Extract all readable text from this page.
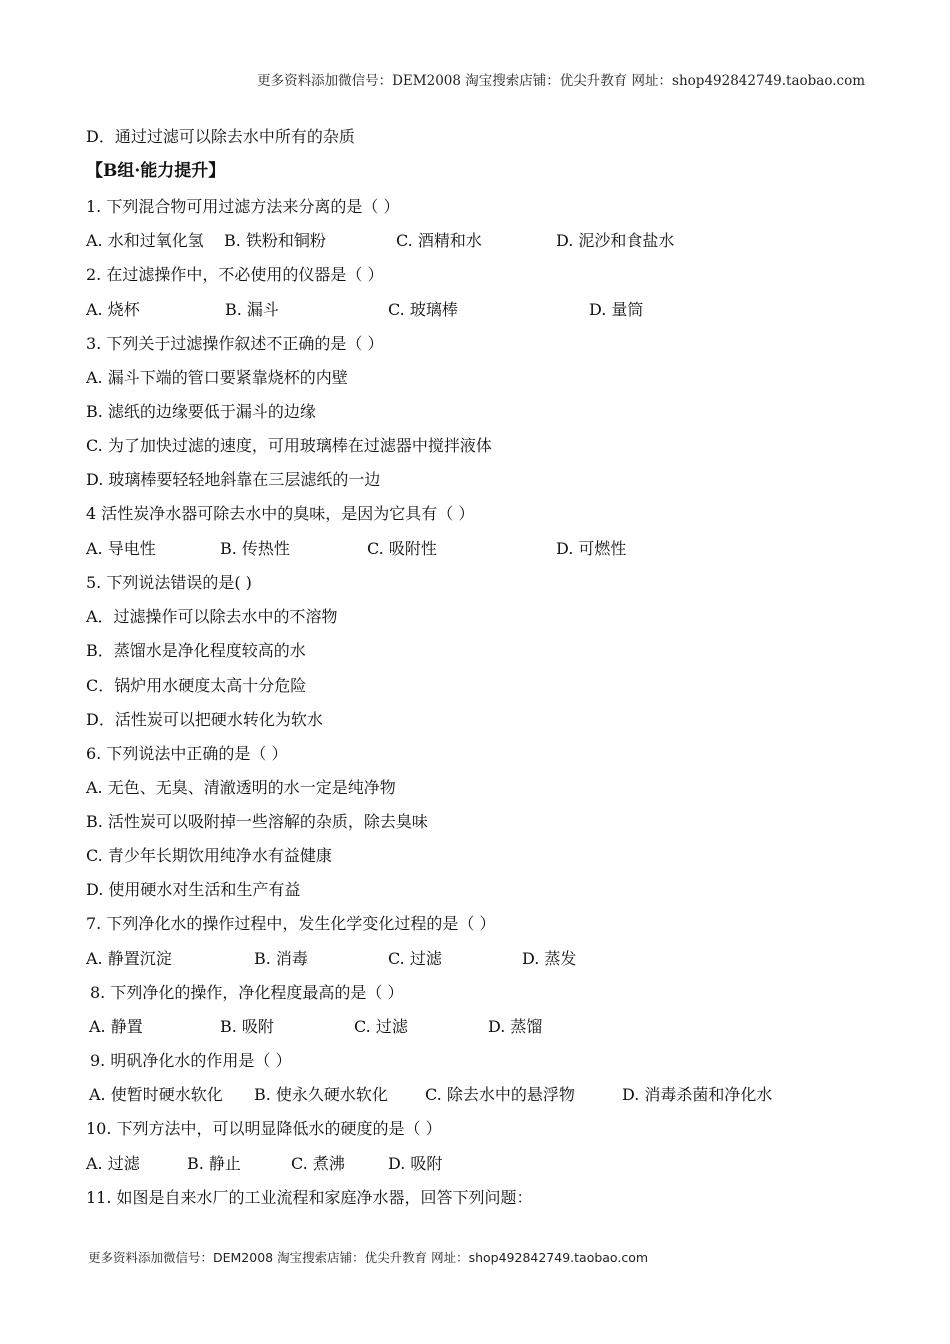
更多资料添加微信号：DEM2008 淘宝搜索店铺：优尖升教育 网址：shop492842749.taobao.com
D．通过过滤可以除去水中所有的杂质
【B组·能力提升】
1. 下列混合物可用过滤方法来分离的是（ ）
A. 水和过氧化氢 B. 铁粉和铜粉	C. 酒精和水	D. 泥沙和食盐水
2. 在过滤操作中，不必使用的仪器是（ ）
A. 烧杯	B. 漏斗	C. 玻璃棒	D. 量筒
3. 下列关于过滤操作叙述不正确的是（ ）
A. 漏斗下端的管口要紧靠烧杯的内壁
B. 滤纸的边缘要低于漏斗的边缘
C. 为了加快过滤的速度，可用玻璃棒在过滤器中搅拌液体
D. 玻璃棒要轻轻地斜靠在三层滤纸的一边
4 活性炭净水器可除去水中的臭味，是因为它具有（ ）
A. 导电性	B. 传热性	C. 吸附性	D. 可燃性
5. 下列说法错误的是( )
A．过滤操作可以除去水中的不溶物
B．蒸馏水是净化程度较高的水
C．锅炉用水硬度太高十分危险
D．活性炭可以把硬水转化为软水
6. 下列说法中正确的是（ ）
A. 无色、无臭、清澈透明的水一定是纯净物
B. 活性炭可以吸附掉一些溶解的杂质，除去臭味
C. 青少年长期饮用纯净水有益健康
D. 使用硬水对生活和生产有益
7. 下列净化水的操作过程中，发生化学变化过程的是（ ）
A. 静置沉淀	B. 消毒	C. 过滤	D. 蒸发
8. 下列净化的操作，净化程度最高的是（ ）
A. 静置	B. 吸附	C. 过滤	D. 蒸馏
9. 明矾净化水的作用是（ ）
A. 使暂时硬水软化 B. 使永久硬水软化 C. 除去水中的悬浮物	D. 消毒杀菌和净化水
10. 下列方法中，可以明显降低水的硬度的是（ ）
A. 过滤	B. 静止	C. 煮沸	D. 吸附
11. 如图是自来水厂的工业流程和家庭净水器，回答下列问题：
更多资料添加微信号：DEM2008 淘宝搜索店铺：优尖升教育 网址：shop492842749.taobao.com
